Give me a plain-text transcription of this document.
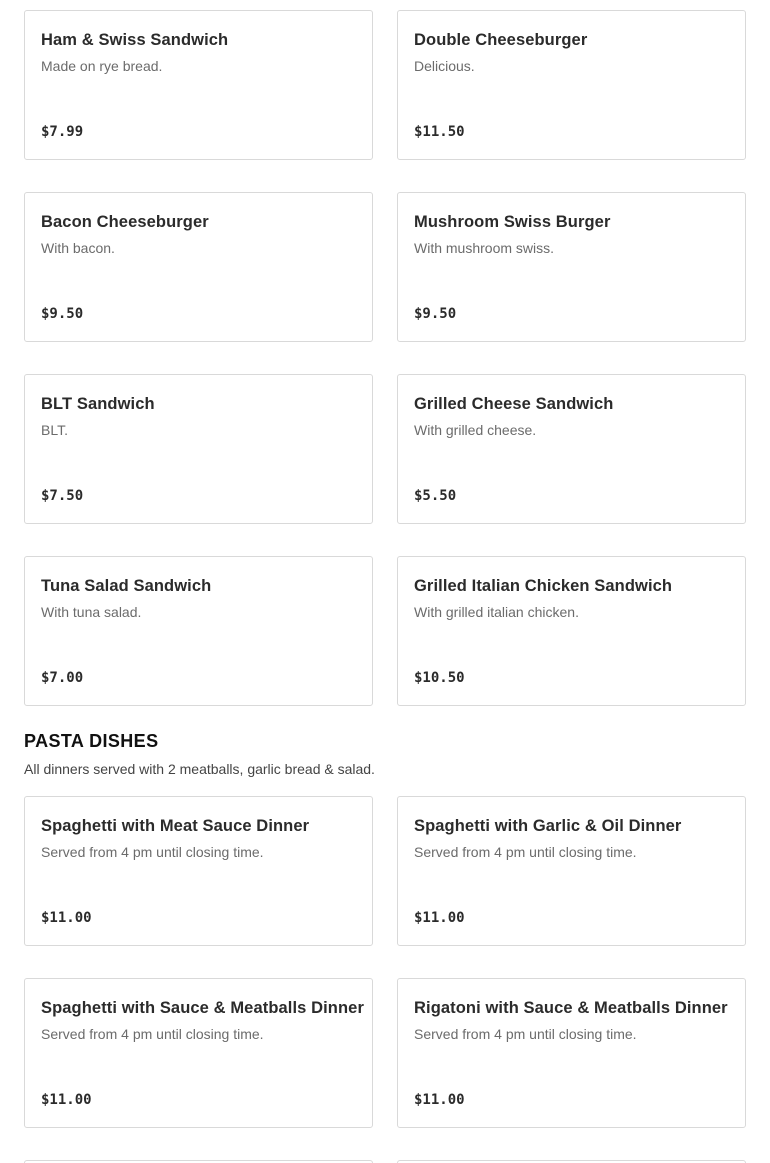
Ham & Swiss Sandwich
Made on rye bread.
$7.99
Double Cheeseburger
Delicious.
$11.50
Bacon Cheeseburger
With bacon.
$9.50
Mushroom Swiss Burger
With mushroom swiss.
$9.50
BLT Sandwich
BLT.
$7.50
Grilled Cheese Sandwich
With grilled cheese.
$5.50
Tuna Salad Sandwich
With tuna salad.
$7.00
Grilled Italian Chicken Sandwich
With grilled italian chicken.
$10.50
PASTA DISHES

All dinners served with 2 meatballs, garlic bread & salad.

Spaghetti with Meat Sauce Dinner
Served from 4 pm until closing time.
$11.00
Spaghetti with Garlic & Oil Dinner
Served from 4 pm until closing time.
$11.00
Spaghetti with Sauce & Meatballs Dinner
Served from 4 pm until closing time.
$11.00
Rigatoni with Sauce & Meatballs Dinner
Served from 4 pm until closing time.
$11.00
